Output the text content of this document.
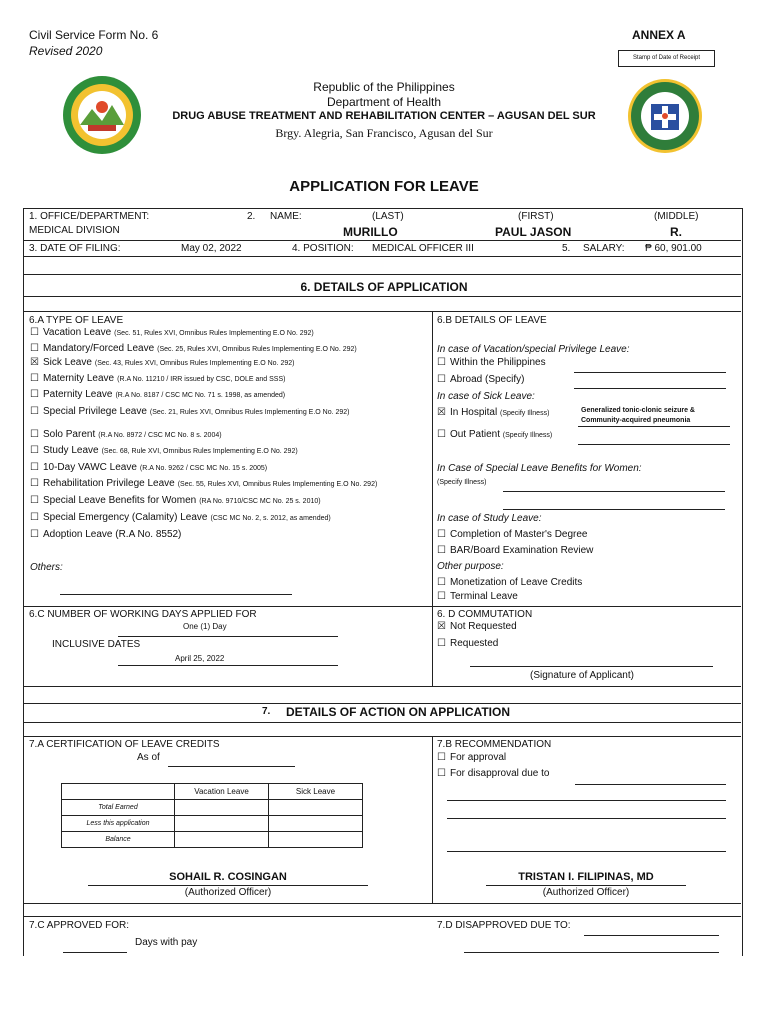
Civil Service Form No. 6
Revised 2020
ANNEX A
Stamp of Date of Receipt
Republic of the Philippines
Department of Health
DRUG ABUSE TREATMENT AND REHABILITATION CENTER – AGUSAN DEL SUR
Brgy. Alegria, San Francisco, Agusan del Sur
APPLICATION FOR LEAVE
1. OFFICE/DEPARTMENT:
MEDICAL DIVISION
2. NAME:	(LAST)	(FIRST)	(MIDDLE)
MURILLO	PAUL JASON	R.
3. DATE OF FILING:	May 02, 2022	4. POSITION: MEDICAL OFFICER III	5. SALARY: ₱ 60, 901.00
6. DETAILS OF APPLICATION
6.A TYPE OF LEAVE
☐ Vacation Leave (Sec. 51, Rules XVI, Omnibus Rules Implementing E.O No. 292)
☐ Mandatory/Forced Leave (Sec. 25, Rules XVI, Omnibus Rules Implementing E.O No. 292)
☒ Sick Leave (Sec. 43, Rules XVI, Omnibus Rules Implementing E.O No. 292)
☐ Maternity Leave (R.A No. 11210 / IRR issued by CSC, DOLE and SSS)
☐ Paternity Leave (R.A No. 8187 / CSC MC No. 71 s. 1998, as amended)
☐ Special Privilege Leave (Sec. 21, Rules XVI, Omnibus Rules Implementing E.O No. 292)
☐ Solo Parent (R.A No. 8972 / CSC MC No. 8 s. 2004)
☐ Study Leave (Sec. 68, Rule XVI, Omnibus Rules Implementing E.O No. 292)
☐ 10-Day VAWC Leave (R.A No. 9262 / CSC MC No. 15 s. 2005)
☐ Rehabilitation Privilege Leave (Sec. 55, Rules XVI, Omnibus Rules Implementing E.O No. 292)
☐ Special Leave Benefits for Women (RA No. 9710/CSC MC No. 25 s. 2010)
☐ Special Emergency (Calamity) Leave (CSC MC No. 2, s. 2012, as amended)
☐ Adoption Leave (R.A No. 8552)
Others:
6.B DETAILS OF LEAVE
In case of Vacation/special Privilege Leave:
☐ Within the Philippines
☐ Abroad (Specify)
In case of Sick Leave:
☒ In Hospital (Specify Illness)	Generalized tonic-clonic seizure & Community-acquired pneumonia
☐ Out Patient (Specify Illness)
In Case of Special Leave Benefits for Women:
(Specify Illness)
In case of Study Leave:
☐ Completion of Master's Degree
☐ BAR/Board Examination Review
Other purpose:
☐ Monetization of Leave Credits
☐ Terminal Leave
6.C NUMBER OF WORKING DAYS APPLIED FOR
One (1) Day
INCLUSIVE DATES
April 25, 2022
6. D COMMUTATION
☒ Not Requested
☐ Requested
(Signature of Applicant)
7. DETAILS OF ACTION ON APPLICATION
7.A CERTIFICATION OF LEAVE CREDITS
As of
	Vacation Leave	Sick Leave
Total Earned		
Less this application		
Balance		
SOHAIL R. COSINGAN
(Authorized Officer)
7.B RECOMMENDATION
☐ For approval
☐ For disapproval due to
TRISTAN I. FILIPINAS, MD
(Authorized Officer)
7.C APPROVED FOR:
Days with pay
7.D DISAPPROVED DUE TO:
